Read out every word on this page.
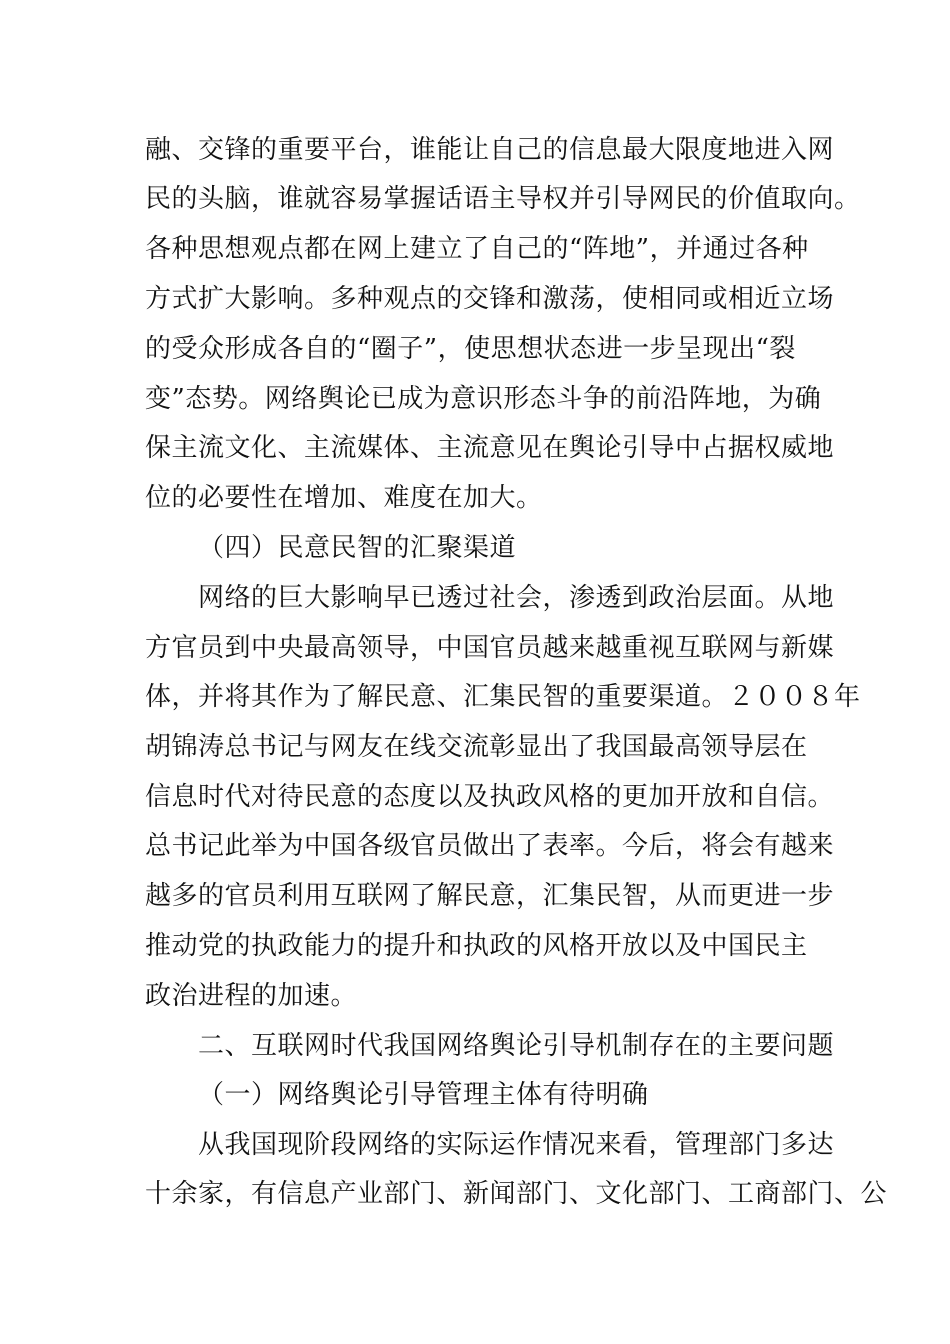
融、交锋的重要平台，谁能让自己的信息最大限度地进入网
民的头脑，谁就容易掌握话语主导权并引导网民的价值取向。
各种思想观点都在网上建立了自己的“阵地”，并通过各种
方式扩大影响。多种观点的交锋和激荡，使相同或相近立场
的受众形成各自的“圈子”，使思想状态进一步呈现出“裂
变”态势。网络舆论已成为意识形态斗争的前沿阵地，为确
保主流文化、主流媒体、主流意见在舆论引导中占据权威地
位的必要性在增加、难度在加大。
（四）民意民智的汇聚渠道
网络的巨大影响早已透过社会，渗透到政治层面。从地
方官员到中央最高领导，中国官员越来越重视互联网与新媒
体，并将其作为了解民意、汇集民智的重要渠道。２００８年
胡锦涛总书记与网友在线交流彰显出了我国最高领导层在
信息时代对待民意的态度以及执政风格的更加开放和自信。
总书记此举为中国各级官员做出了表率。今后，将会有越来
越多的官员利用互联网了解民意，汇集民智，从而更进一步
推动党的执政能力的提升和执政的风格开放以及中国民主
政治进程的加速。
二、互联网时代我国网络舆论引导机制存在的主要问题
（一）网络舆论引导管理主体有待明确
从我国现阶段网络的实际运作情况来看，管理部门多达
十余家，有信息产业部门、新闻部门、文化部门、工商部门、公
